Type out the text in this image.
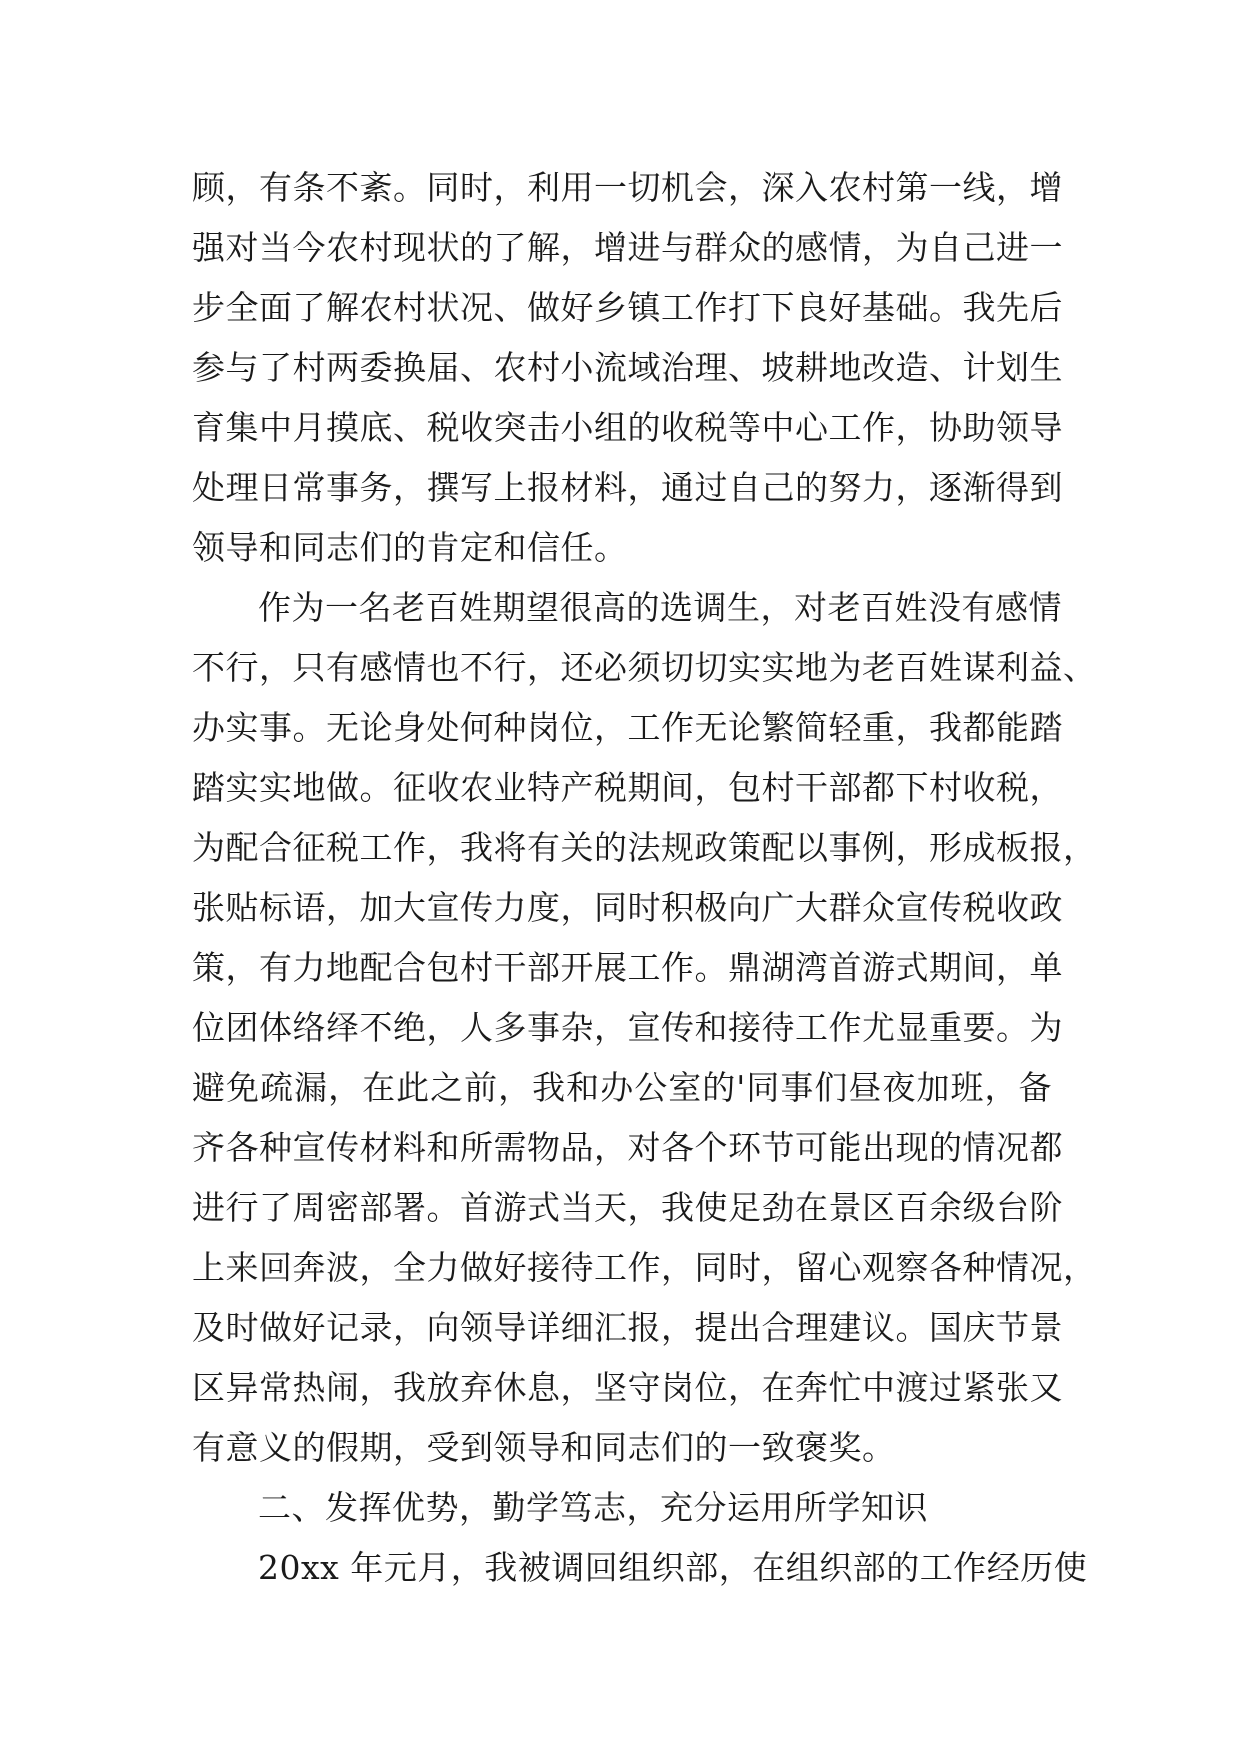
顾，有条不紊。同时，利用一切机会，深入农村第一线，增
强对当今农村现状的了解，增进与群众的感情，为自己进一
步全面了解农村状况、做好乡镇工作打下良好基础。我先后
参与了村两委换届、农村小流域治理、坡耕地改造、计划生
育集中月摸底、税收突击小组的收税等中心工作，协助领导
处理日常事务，撰写上报材料，通过自己的努力，逐渐得到
领导和同志们的肯定和信任。
作为一名老百姓期望很高的选调生，对老百姓没有感情
不行，只有感情也不行，还必须切切实实地为老百姓谋利益、
办实事。无论身处何种岗位，工作无论繁简轻重，我都能踏
踏实实地做。征收农业特产税期间，包村干部都下村收税，
为配合征税工作，我将有关的法规政策配以事例，形成板报，
张贴标语，加大宣传力度，同时积极向广大群众宣传税收政
策，有力地配合包村干部开展工作。鼎湖湾首游式期间，单
位团体络绎不绝，人多事杂，宣传和接待工作尤显重要。为
避免疏漏，在此之前，我和办公室的'同事们昼夜加班，备
齐各种宣传材料和所需物品，对各个环节可能出现的情况都
进行了周密部署。首游式当天，我使足劲在景区百余级台阶
上来回奔波，全力做好接待工作，同时，留心观察各种情况，
及时做好记录，向领导详细汇报，提出合理建议。国庆节景
区异常热闹，我放弃休息，坚守岗位，在奔忙中渡过紧张又
有意义的假期，受到领导和同志们的一致褒奖。
二、发挥优势，勤学笃志，充分运用所学知识
20xx 年元月，我被调回组织部，在组织部的工作经历使
